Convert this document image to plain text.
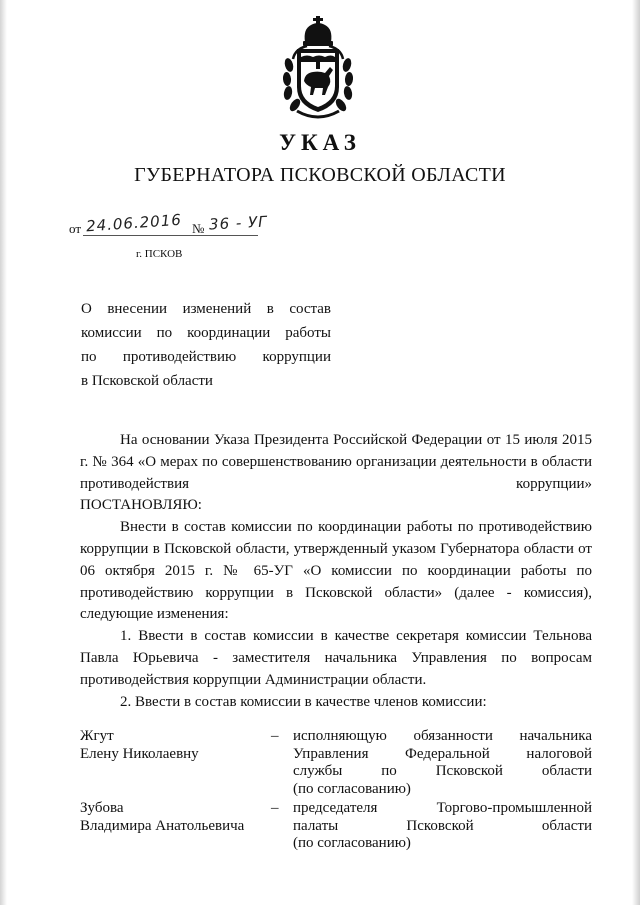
УКАЗ
ГУБЕРНАТОРА ПСКОВСКОЙ ОБЛАСТИ
от 24.06.2016 № 36 - УГ
г. ПСКОВ
О внесении изменений в состав
комиссии по координации работы
по противодействию коррупции
в Псковской области

На основании Указа Президента Российской Федерации от 15 июля 2015 г. № 364 «О мерах по совершенствованию организации деятельности в области противодействия коррупции»

ПОСТАНОВЛЯЮ:

Внести в состав комиссии по координации работы по противодействию коррупции в Псковской области, утвержденный указом Губернатора области от 06 октября 2015 г. № 65-УГ «О комиссии по координации работы по противодействию коррупции в Псковской области» (далее - комиссия), следующие изменения:

1. Ввести в состав комиссии в качестве секретаря комиссии Тельнова Павла Юрьевича - заместителя начальника Управления по вопросам противодействия коррупции Администрации области.

2. Ввести в состав комиссии в качестве членов комиссии:

Жгут
Елену Николаевну
– исполняющую обязанности начальника
Управления Федеральной налоговой
службы по Псковской области
(по согласованию)
Зубова
Владимира Анатольевича
– председателя Торгово-промышленной
палаты Псковской области
(по согласованию)
